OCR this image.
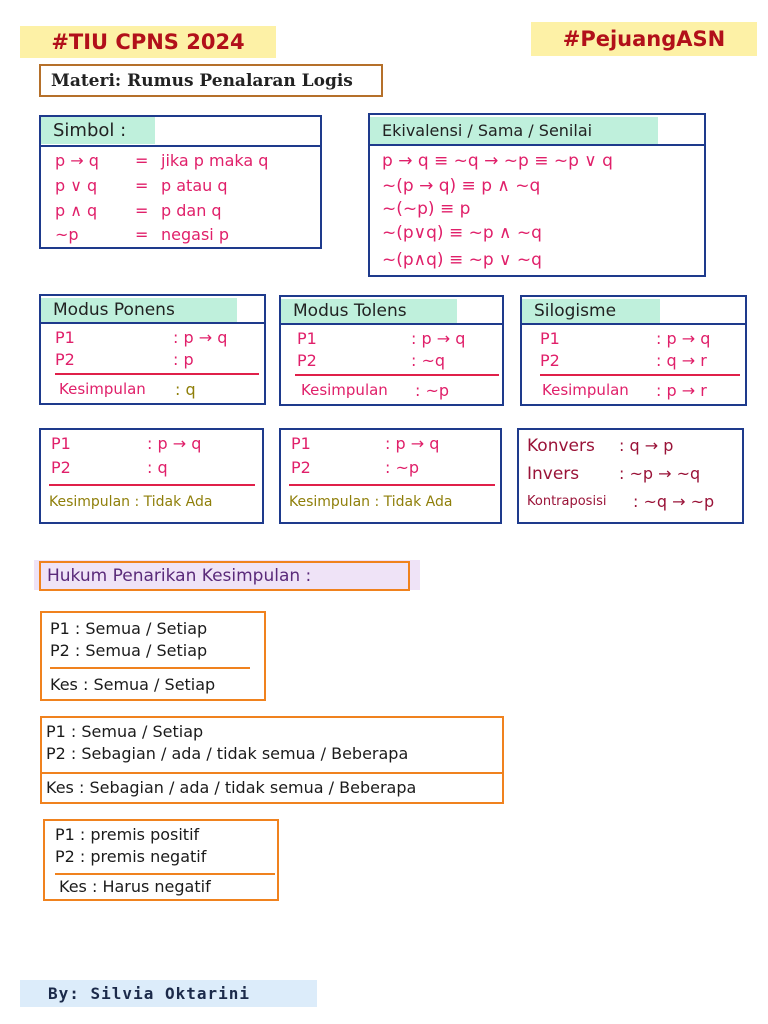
#TIU CPNS 2024	#PejuangASN
Materi: Rumus Penalaran Logis
Simbol :
p → q = jika p maka q
p ∨ q = p atau q
p ∧ q = p dan q
~p	= negasi p
Ekivalensi / Sama / Senilai
p → q ≡ ~q → ~p ≡ ~p ∨ q
~(p → q) ≡ p ∧ ~q
~(~p) ≡ p
~(p∨q) ≡ ~p ∧ ~q
~(p∧q) ≡ ~p ∨ ~q
Modus Ponens
P1	: p → q
P2	: p
Kesimpulan : q
Modus Tolens
P1	: p → q
P2	: ~q
Kesimpulan : ~p
Silogisme
P1	: p → q
P2	: q → r
Kesimpulan : p → r
P1	: p → q
P2	: q
Kesimpulan : Tidak Ada
P1	: p → q
P2	: ~p
Kesimpulan : Tidak Ada
Konvers : q → p
Invers : ~p → ~q
Kontraposisi : ~q → ~p
Hukum Penarikan Kesimpulan :
P1 : Semua / Setiap
P2 : Semua / Setiap
Kes : Semua / Setiap
P1 : Semua / Setiap
P2 : Sebagian / ada / tidak semua / Beberapa
Kes : Sebagian / ada / tidak semua / Beberapa
P1 : premis positif
P2 : premis negatif
Kes : Harus negatif
By: Silvia Oktarini
